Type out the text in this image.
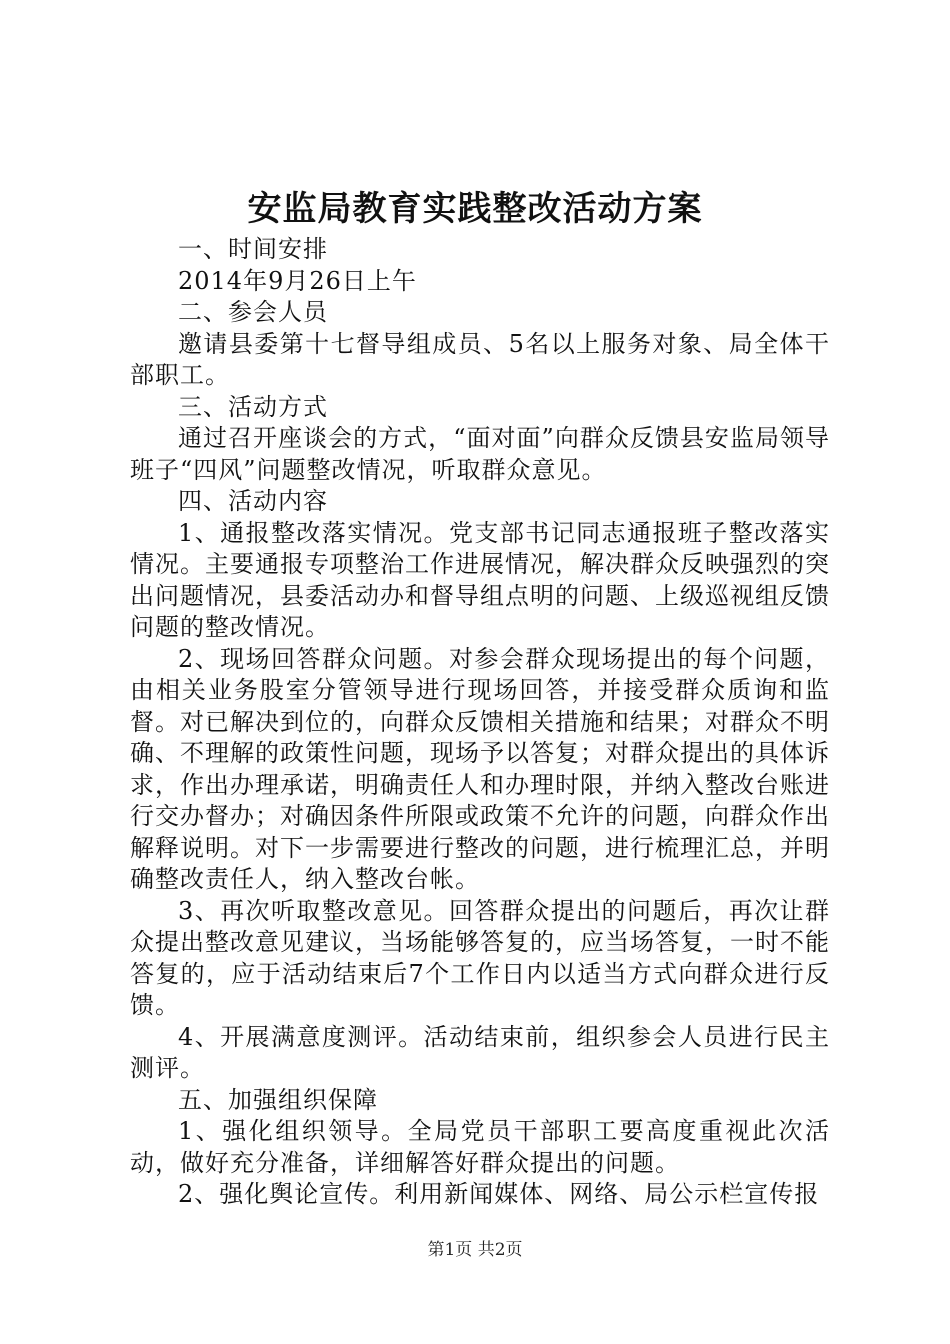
安监局教育实践整改活动方案

一、时间安排

2014年9月26日上午

二、参会人员

邀请县委第十七督导组成员、5名以上服务对象、局全体干部职工。

三、活动方式

通过召开座谈会的方式，“面对面”向群众反馈县安监局领导班子“四风”问题整改情况，听取群众意见。

四、活动内容

1、通报整改落实情况。党支部书记同志通报班子整改落实情况。主要通报专项整治工作进展情况，解决群众反映强烈的突出问题情况，县委活动办和督导组点明的问题、上级巡视组反馈问题的整改情况。

2、现场回答群众问题。对参会群众现场提出的每个问题，由相关业务股室分管领导进行现场回答，并接受群众质询和监督。对已解决到位的，向群众反馈相关措施和结果；对群众不明确、不理解的政策性问题，现场予以答复；对群众提出的具体诉求，作出办理承诺，明确责任人和办理时限，并纳入整改台账进行交办督办；对确因条件所限或政策不允许的问题，向群众作出解释说明。对下一步需要进行整改的问题，进行梳理汇总，并明确整改责任人，纳入整改台帐。

3、再次听取整改意见。回答群众提出的问题后，再次让群众提出整改意见建议，当场能够答复的，应当场答复，一时不能答复的，应于活动结束后7个工作日内以适当方式向群众进行反馈。

4、开展满意度测评。活动结束前，组织参会人员进行民主测评。

五、加强组织保障

1、强化组织领导。全局党员干部职工要高度重视此次活动，做好充分准备，详细解答好群众提出的问题。

2、强化舆论宣传。利用新闻媒体、网络、局公示栏宣传报

第1页 共2页
